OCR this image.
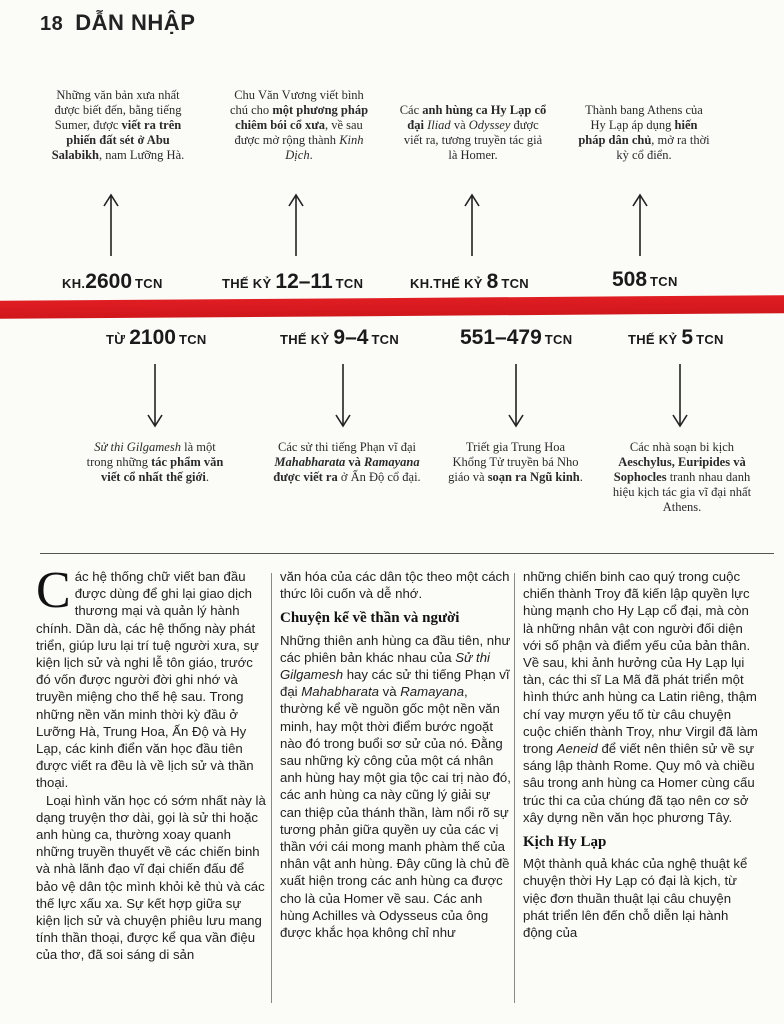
18 DẪN NHẬP
Những văn bản xưa nhất được biết đến, bằng tiếng Sumer, được viết ra trên phiến đất sét ở Abu Salabikh, nam Lưỡng Hà.
Chu Văn Vương viết bình chú cho một phương pháp chiêm bói cổ xưa, về sau được mở rộng thành Kinh Dịch.
Các anh hùng ca Hy Lạp cổ đại Iliad và Odyssey được viết ra, tương truyền tác giả là Homer.
Thành bang Athens của Hy Lạp áp dụng hiến pháp dân chủ, mở ra thời kỳ cổ điển.
KH.2600 TCN	THẾ KỶ 12–11 TCN	KH.THẾ KỶ 8 TCN	508 TCN
TỪ 2100 TCN	THẾ KỶ 9–4 TCN	551–479 TCN	THẾ KỶ 5 TCN
Sử thi Gilgamesh là một trong những tác phẩm văn viết cổ nhất thế giới.
Các sử thi tiếng Phạn vĩ đại Mahabharata và Ramayana được viết ra ở Ấn Độ cổ đại.
Triết gia Trung Hoa Khổng Tử truyền bá Nho giáo và soạn ra Ngũ kinh.
Các nhà soạn bi kịch Aeschylus, Euripides và Sophocles tranh nhau danh hiệu kịch tác gia vĩ đại nhất Athens.

Các hệ thống chữ viết ban đầu được dùng để ghi lại giao dịch thương mại và quản lý hành chính. Dần dà, các hệ thống này phát triển, giúp lưu lại trí tuệ người xưa, sự kiện lịch sử và nghi lễ tôn giáo, trước đó vốn được người đời ghi nhớ và truyền miệng cho thế hệ sau. Trong những nền văn minh thời kỳ đầu ở Lưỡng Hà, Trung Hoa, Ấn Độ và Hy Lạp, các kinh điển văn học đầu tiên được viết ra đều là về lịch sử và thần thoại.

Loại hình văn học có sớm nhất này là dạng truyện thơ dài, gọi là sử thi hoặc anh hùng ca, thường xoay quanh những truyền thuyết về các chiến binh và nhà lãnh đạo vĩ đại chiến đấu để bảo vệ dân tộc mình khỏi kẻ thù và các thế lực xấu xa. Sự kết hợp giữa sự kiện lịch sử và chuyện phiêu lưu mang tính thần thoại, được kể qua vần điệu của thơ, đã soi sáng di sản

văn hóa của các dân tộc theo một cách thức lôi cuốn và dễ nhớ.

Chuyện kể về thần và người

Những thiên anh hùng ca đầu tiên, như các phiên bản khác nhau của Sử thi Gilgamesh hay các sử thi tiếng Phạn vĩ đại Mahabharata và Ramayana, thường kể về nguồn gốc một nền văn minh, hay một thời điểm bước ngoặt nào đó trong buổi sơ sử của nó. Đằng sau những kỳ công của một cá nhân anh hùng hay một gia tộc cai trị nào đó, các anh hùng ca này cũng lý giải sự can thiệp của thánh thần, làm nổi rõ sự tương phản giữa quyền uy của các vị thần với cái mong manh phàm thế của nhân vật anh hùng. Đây cũng là chủ đề xuất hiện trong các anh hùng ca được cho là của Homer về sau. Các anh hùng Achilles và Odysseus của ông được khắc họa không chỉ như

những chiến binh cao quý trong cuộc chiến thành Troy đã kiến lập quyền lực hùng mạnh cho Hy Lạp cổ đại, mà còn là những nhân vật con người đối diện với số phận và điểm yếu của bản thân. Về sau, khi ảnh hưởng của Hy Lạp lụi tàn, các thi sĩ La Mã đã phát triển một hình thức anh hùng ca Latin riêng, thậm chí vay mượn yếu tố từ câu chuyện cuộc chiến thành Troy, như Virgil đã làm trong Aeneid để viết nên thiên sử về sự sáng lập thành Rome. Quy mô và chiều sâu trong anh hùng ca Homer cùng cấu trúc thi ca của chúng đã tạo nên cơ sở xây dựng nền văn học phương Tây.

Kịch Hy Lạp

Một thành quả khác của nghệ thuật kể chuyện thời Hy Lạp có đại là kịch, từ việc đơn thuần thuật lại câu chuyện phát triển lên đến chỗ diễn lại hành động của
